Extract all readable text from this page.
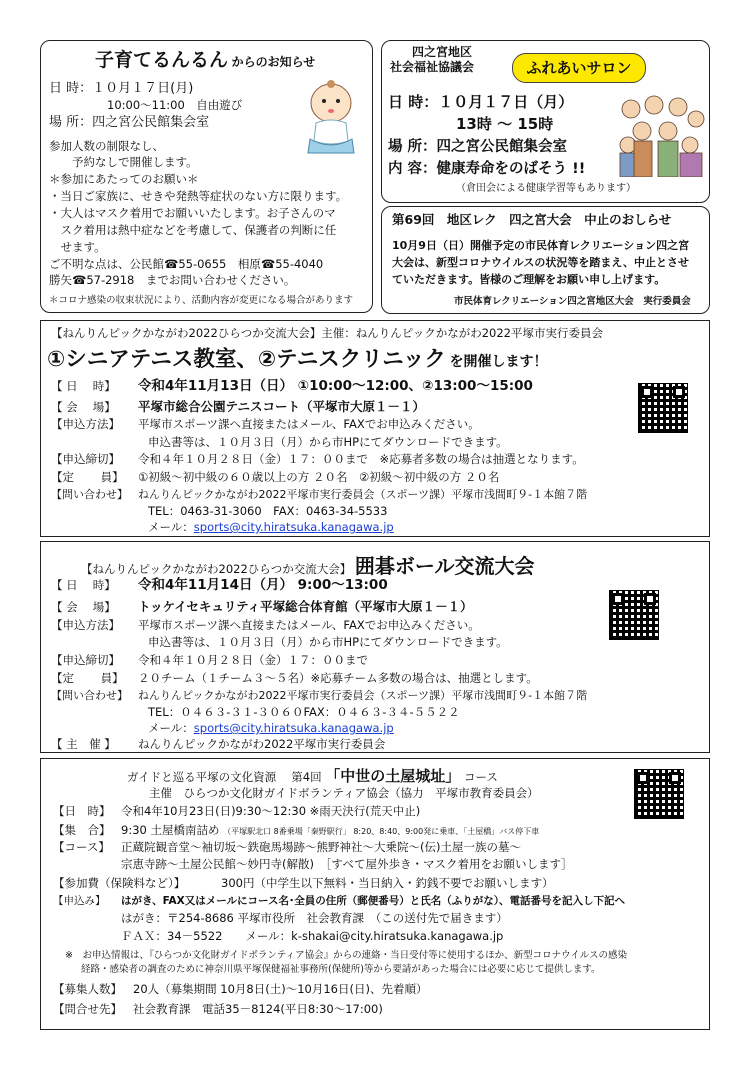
子育てるんるん からのお知らせ
日 時：１０月１７日(月)
10:00～11:00　自由遊び
場 所：四之宮公民館集会室
参加人数の制限なし、
　　予約なしで開催します。
＊参加にあたってのお願い＊
・当日ご家族に、せきや発熱等症状のない方に限ります。
・大人はマスク着用でお願いいたします。お子さんのマ
　スク着用は熱中症などを考慮して、保護者の判断に任
　せます。
ご不明な点は、公民館☎55-0655　相原☎55-4040
勝矢☎57-2918　までお問い合わせください。
＊コロナ感染の収束状況により、活動内容が変更になる場合があります
四之宮地区
社会福祉協議会	ふれあいサロン
日 時：１０月１７日（月）
13時 ～ 15時
場 所：四之宮公民館集会室
内 容：健康寿命をのばそう !!
（倉田会による健康学習等もあります）
第69回　地区レク　四之宮大会　中止のおしらせ
10月9日（日）開催予定の市民体育レクリエーション四之宮
大会は、新型コロナウイルスの状況等を踏まえ、中止とさせ
ていただきます。皆様のご理解をお願い申し上げます。
市民体育レクリエーション四之宮地区大会　実行委員会
【ねんりんピックかながわ2022ひらつか交流大会】主催：ねんりんピックかながわ2022平塚市実行委員会
①シニアテニス教室、②テニスクリニック を開催します！
【 日　 時】 令和4年11月13日（日） ①10:00～12:00、②13:00～15:00
【 会　 場】 平塚市総合公園テニスコート（平塚市大原１－１）
【申込方法】 平塚市スポーツ課へ直接またはメール、FAXでお申込みください。
申込書等は、１０月３日（月）から市HPにてダウンロードできます。
【申込締切】 令和４年１０月２８日（金）１７：００まで　※応募者多数の場合は抽選となります。
【定　　 員】 ①初級～初中級の６０歳以上の方 ２０名　②初級～初中級の方 ２０名
【問い合わせ】 ねんりんピックかながわ2022平塚市実行委員会（スポーツ課）平塚市浅間町９-１本館７階
TEL：0463-31-3060　FAX：0463-34-5533
メール：sports@city.hiratsuka.kanagawa.jp
【ねんりんピックかながわ2022ひらつか交流大会】 囲碁ボール交流大会
【 日　 時】 令和4年11月14日（月） 9:00～13:00
【 会　 場】 トッケイセキュリティ平塚総合体育館（平塚市大原１－１）
【申込方法】 平塚市スポーツ課へ直接またはメール、FAXでお申込みください。
申込書等は、１０月３日（月）から市HPにてダウンロードできます。
【申込締切】 令和４年１０月２８日（金）１７：００まで
【定　　 員】 ２０チーム（１チーム３～５名）※応募チーム多数の場合は、抽選とします。
【問い合わせ】 ねんりんピックかながわ2022平塚市実行委員会（スポーツ課）平塚市浅間町９-１本館７階
TEL：０４６３-３１-３０６０FAX：０４６３-３４-５５２２
メール：sports@city.hiratsuka.kanagawa.jp
【 主　催 】 ねんりんピックかながわ2022平塚市実行委員会
ガイドと巡る平塚の文化資源　 第4回 「中世の土屋城址」 コース
主催　ひらつか文化財ガイドボランティア協会（協力　平塚市教育委員会）
【日　時】 令和4年10月23日(日)9:30～12:30 ※雨天決行(荒天中止)
【集　合】 9:30 土屋橋南詰め （平塚駅北口 8番乗場「秦野駅行」 8:20、8:40、9:00発に乗車、「土屋橋」バス停下車
【コース】 正蔵院観音堂～袖切坂～鉄砲馬場跡～熊野神社～大乗院～(伝)土屋一族の墓～
宗恵寺跡～土屋公民館～妙円寺(解散)　［すべて屋外歩き・マスク着用をお願いします］
【参加費（保険料など）】	300円（中学生以下無料・当日納入・釣銭不要でお願いします）
【申込み】 はがき、FAX又はメールにコース名･全員の住所（郵便番号）と氏名（ふりがな）、電話番号を記入し下記へ
はがき：〒254-8686 平塚市役所　社会教育課　（この送付先で届きます）
ＦＡＸ：34－5522　　メール：k-shakai@city.hiratsuka.kanagawa.jp
※　お申込情報は、『ひらつか文化財ガイドボランティア協会』からの連絡・当日受付等に使用するほか、新型コロナウイルスの感染
経路・感染者の調査のために神奈川県平塚保健福祉事務所(保健所)等から要請があった場合には必要に応じて提供します。
【募集人数】 20人（募集期間 10月8日(土)～10月16日(日)、先着順）
【問合せ先】 社会教育課　電話35－8124(平日8:30～17:00)
